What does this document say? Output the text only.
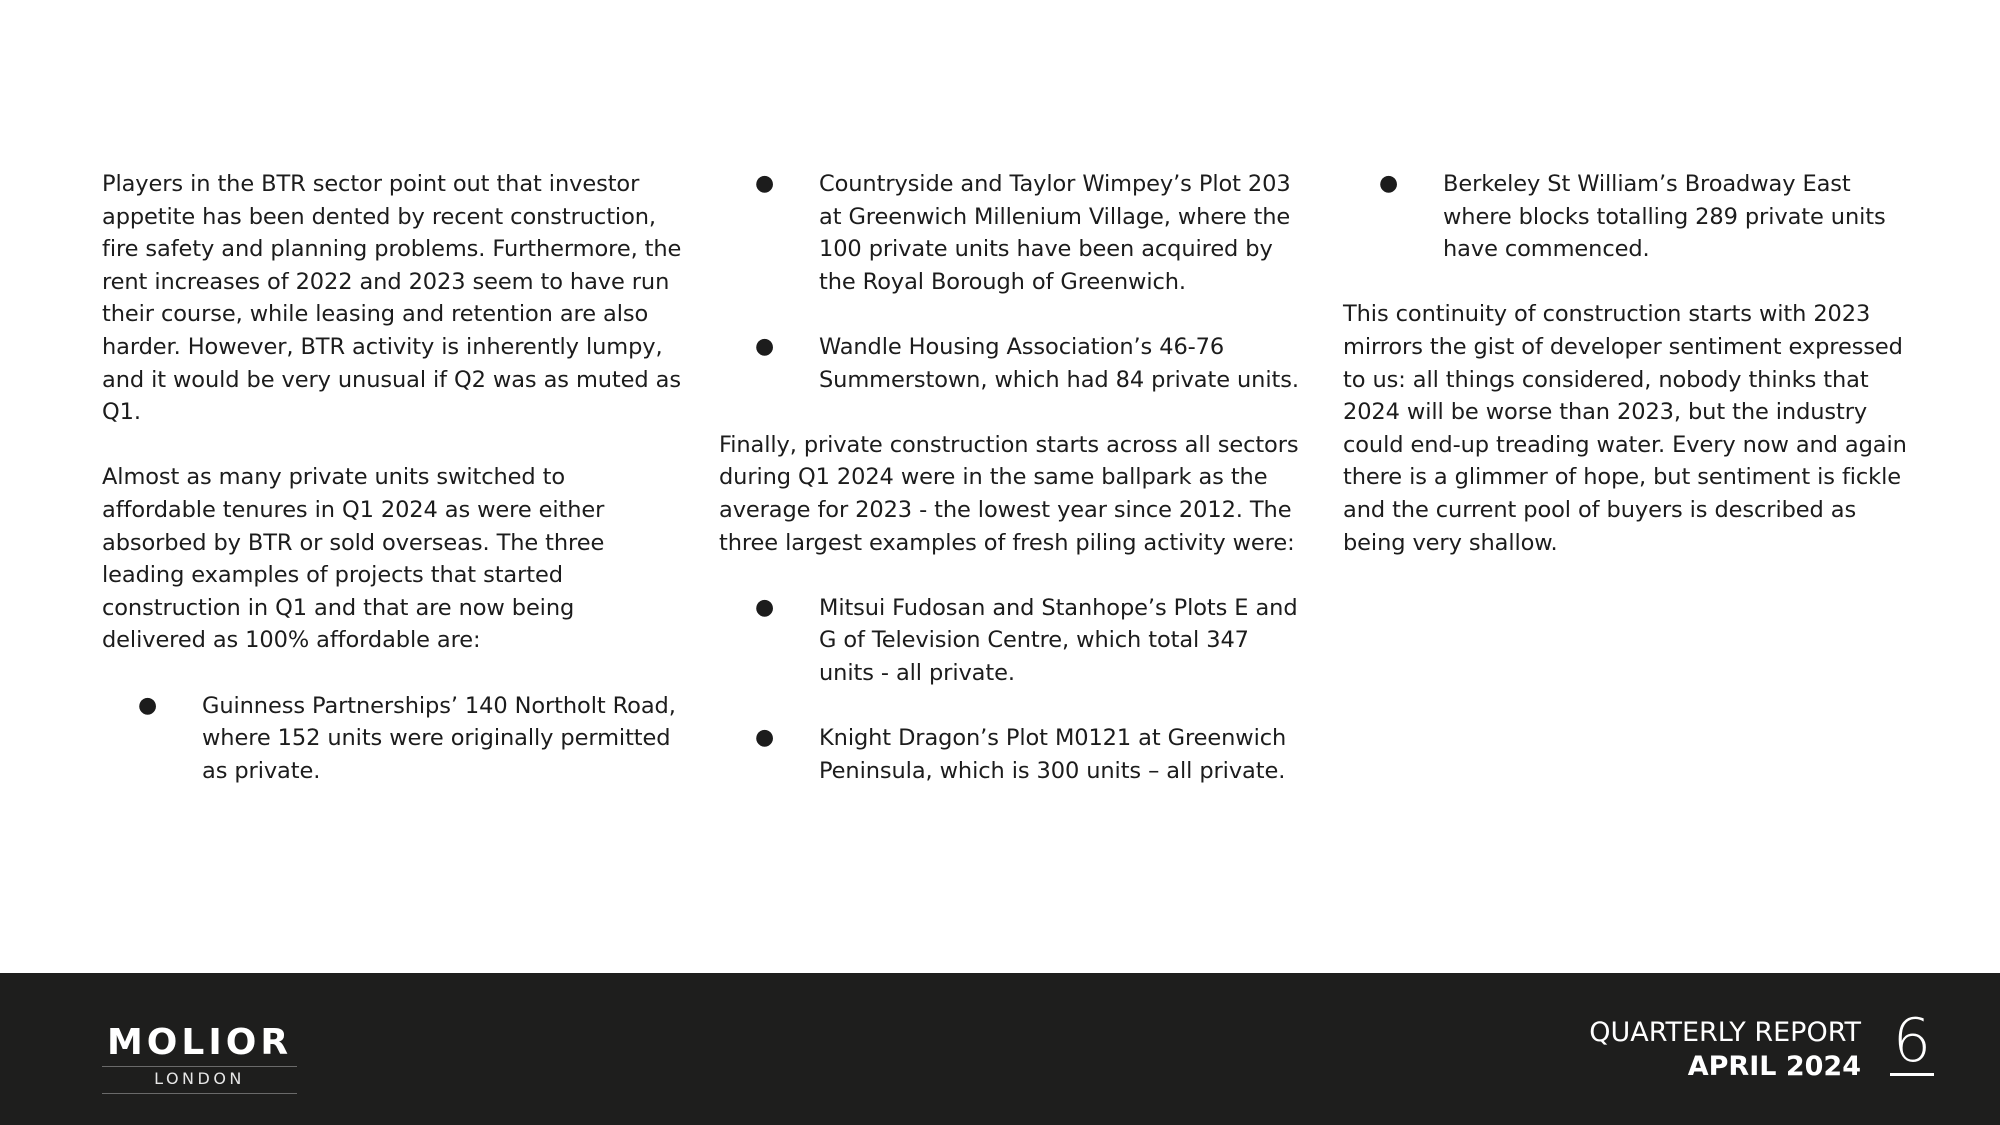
Players in the BTR sector point out that investor appetite has been dented by recent construction, fire safety and planning problems. Furthermore, the rent increases of 2022 and 2023 seem to have run their course, while leasing and retention are also harder. However, BTR activity is inherently lumpy, and it would be very unusual if Q2 was as muted as Q1.

Almost as many private units switched to affordable tenures in Q1 2024 as were either absorbed by BTR or sold overseas. The three leading examples of projects that started construction in Q1 and that are now being delivered as 100% affordable are:

● Guinness Partnerships’ 140 Northolt Road, where 152 units were originally permitted as private.
● Countryside and Taylor Wimpey’s Plot 203 at Greenwich Millenium Village, where the 100 private units have been acquired by the Royal Borough of Greenwich.
● Wandle Housing Association’s 46-76 Summerstown, which had 84 private units.

Finally, private construction starts across all sectors during Q1 2024 were in the same ballpark as the average for 2023 - the lowest year since 2012. The three largest examples of fresh piling activity were:

● Mitsui Fudosan and Stanhope’s Plots E and G of Television Centre, which total 347 units - all private.
● Knight Dragon’s Plot M0121 at Greenwich Peninsula, which is 300 units – all private.
● Berkeley St William’s Broadway East where blocks totalling 289 private units have commenced.

This continuity of construction starts with 2023 mirrors the gist of developer sentiment expressed to us: all things considered, nobody thinks that 2024 will be worse than 2023, but the industry could end-up treading water. Every now and again there is a glimmer of hope, but sentiment is fickle and the current pool of buyers is described as being very shallow.

MOLIOR
LONDON
QUARTERLY REPORT
APRIL 2024 6
